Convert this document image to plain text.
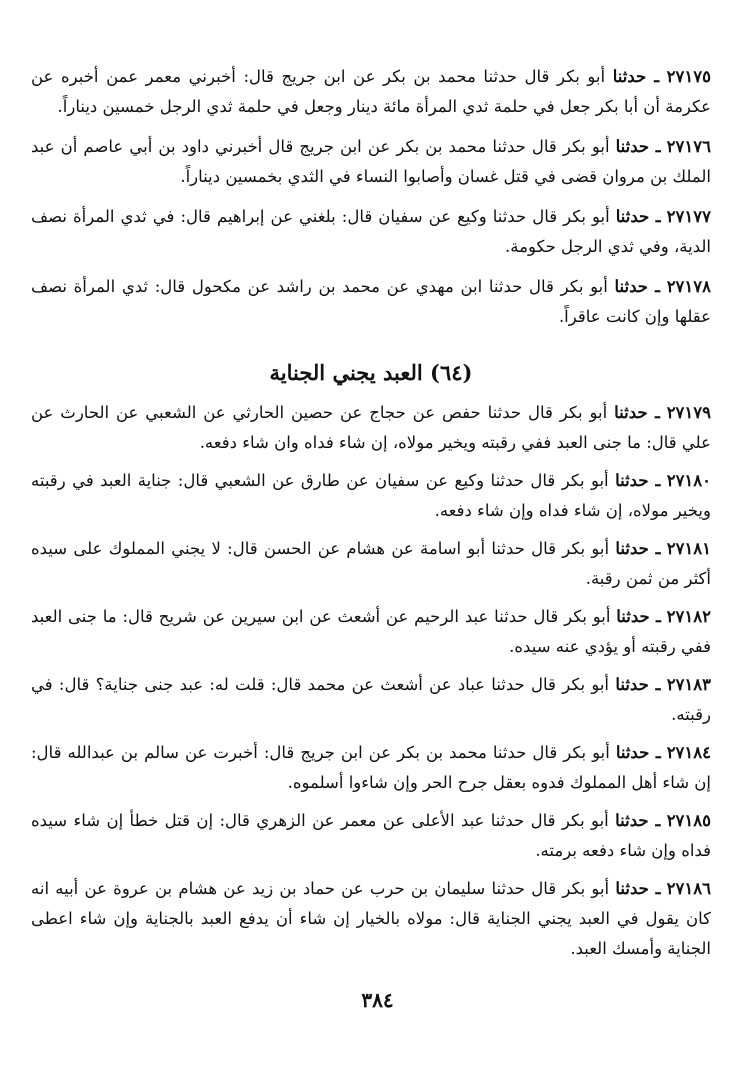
٢٧١٧٥ ـ حدثنا أبو بكر قال حدثنا محمد بن بكر عن ابن جريج قال: أخبرني معمر عمن أخبره عن عكرمة أن أبا بكر جعل في حلمة ثدي المرأة مائة دينار وجعل في حلمة ثدي الرجل خمسين ديناراً.

٢٧١٧٦ ـ حدثنا أبو بكر قال حدثنا محمد بن بكر عن ابن جريج قال أخبرني داود بن أبي عاصم أن عبد الملك بن مروان قضى في قتل غسان وأصابوا النساء في الثدي بخمسين ديناراً.

٢٧١٧٧ ـ حدثنا أبو بكر قال حدثنا وكيع عن سفيان قال: بلغني عن إبراهيم قال: في ثدي المرأة نصف الدية، وفي ثدي الرجل حكومة.

٢٧١٧٨ ـ حدثنا أبو بكر قال حدثنا ابن مهدي عن محمد بن راشد عن مكحول قال: ثدي المرأة نصف عقلها وإن كانت عاقراً.

(٦٤) العبد يجني الجناية

٢٧١٧٩ ـ حدثنا أبو بكر قال حدثنا حفص عن حجاج عن حصين الحارثي عن الشعبي عن الحارث عن علي قال: ما جنى العبد ففي رقبته ويخير مولاه، إن شاء فداه وان شاء دفعه.

٢٧١٨٠ ـ حدثنا أبو بكر قال حدثنا وكيع عن سفيان عن طارق عن الشعبي قال: جناية العبد في رقبته ويخير مولاه، إن شاء فداه وإن شاء دفعه.

٢٧١٨١ ـ حدثنا أبو بكر قال حدثنا أبو اسامة عن هشام عن الحسن قال: لا يجني المملوك على سيده أكثر من ثمن رقبة.

٢٧١٨٢ ـ حدثنا أبو بكر قال حدثنا عبد الرحيم عن أشعث عن ابن سيرين عن شريح قال: ما جنى العبد ففي رقبته أو يؤدي عنه سيده.

٢٧١٨٣ ـ حدثنا أبو بكر قال حدثنا عباد عن أشعث عن محمد قال: قلت له: عبد جنى جناية؟ قال: في رقبته.

٢٧١٨٤ ـ حدثنا أبو بكر قال حدثنا محمد بن بكر عن ابن جريج قال: أخبرت عن سالم بن عبدالله قال: إن شاء أهل المملوك فدوه بعقل جرح الحر وإن شاءوا أسلموه.

٢٧١٨٥ ـ حدثنا أبو بكر قال حدثنا عبد الأعلى عن معمر عن الزهري قال: إن قتل خطأ إن شاء سيده فداه وإن شاء دفعه برمته.

٢٧١٨٦ ـ حدثنا أبو بكر قال حدثنا سليمان بن حرب عن حماد بن زيد عن هشام بن عروة عن أبيه انه كان يقول في العبد يجني الجناية قال: مولاه بالخيار إن شاء أن يدفع العبد بالجناية وإن شاء اعطى الجناية وأمسك العبد.

٣٨٤
